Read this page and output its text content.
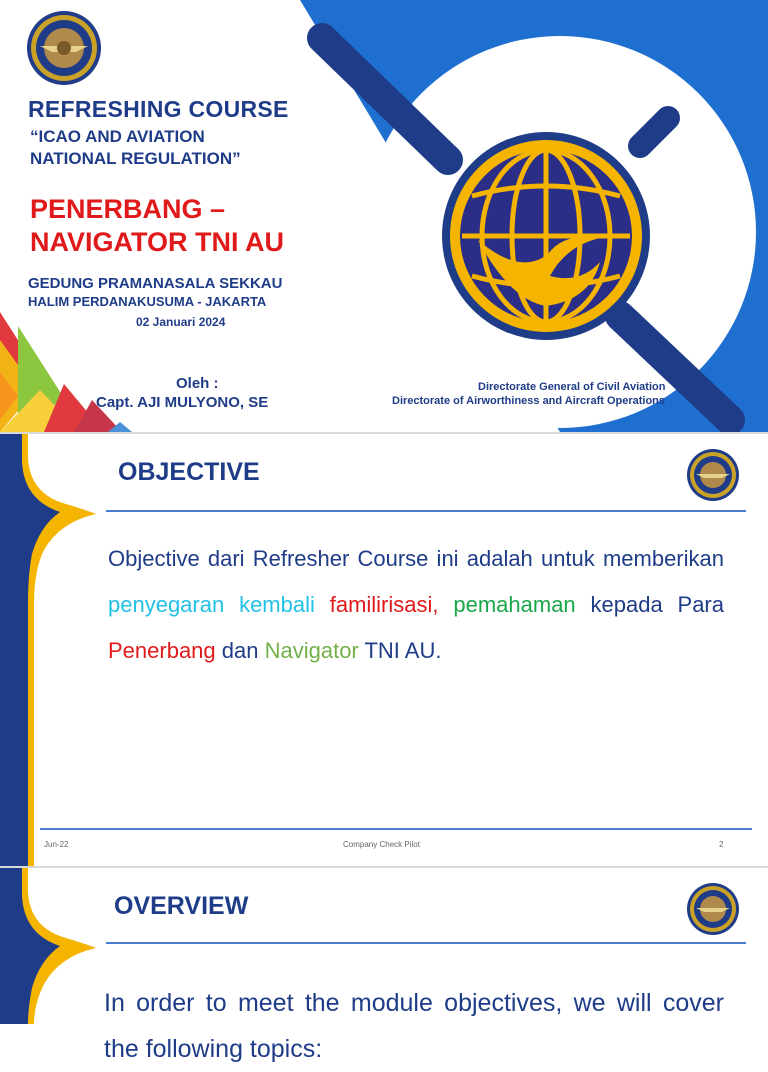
REFRESHING COURSE
“ICAO AND AVIATION
NATIONAL REGULATION”
PENERBANG –
NAVIGATOR TNI AU
GEDUNG PRAMANASALA SEKKAU
HALIM PERDANAKUSUMA - JAKARTA
02 Januari 2024
Oleh :
Capt. AJI MULYONO, SE
Directorate General of Civil Aviation
Directorate of Airworthiness and Aircraft Operations
OBJECTIVE
Objective dari Refresher Course ini adalah untuk memberikan penyegaran kembali familirisasi, pemahaman kepada Para Penerbang dan Navigator TNI AU.
Jun-22	Company Check Pilot	2
OVERVIEW
In order to meet the module objectives, we will cover the following topics:
